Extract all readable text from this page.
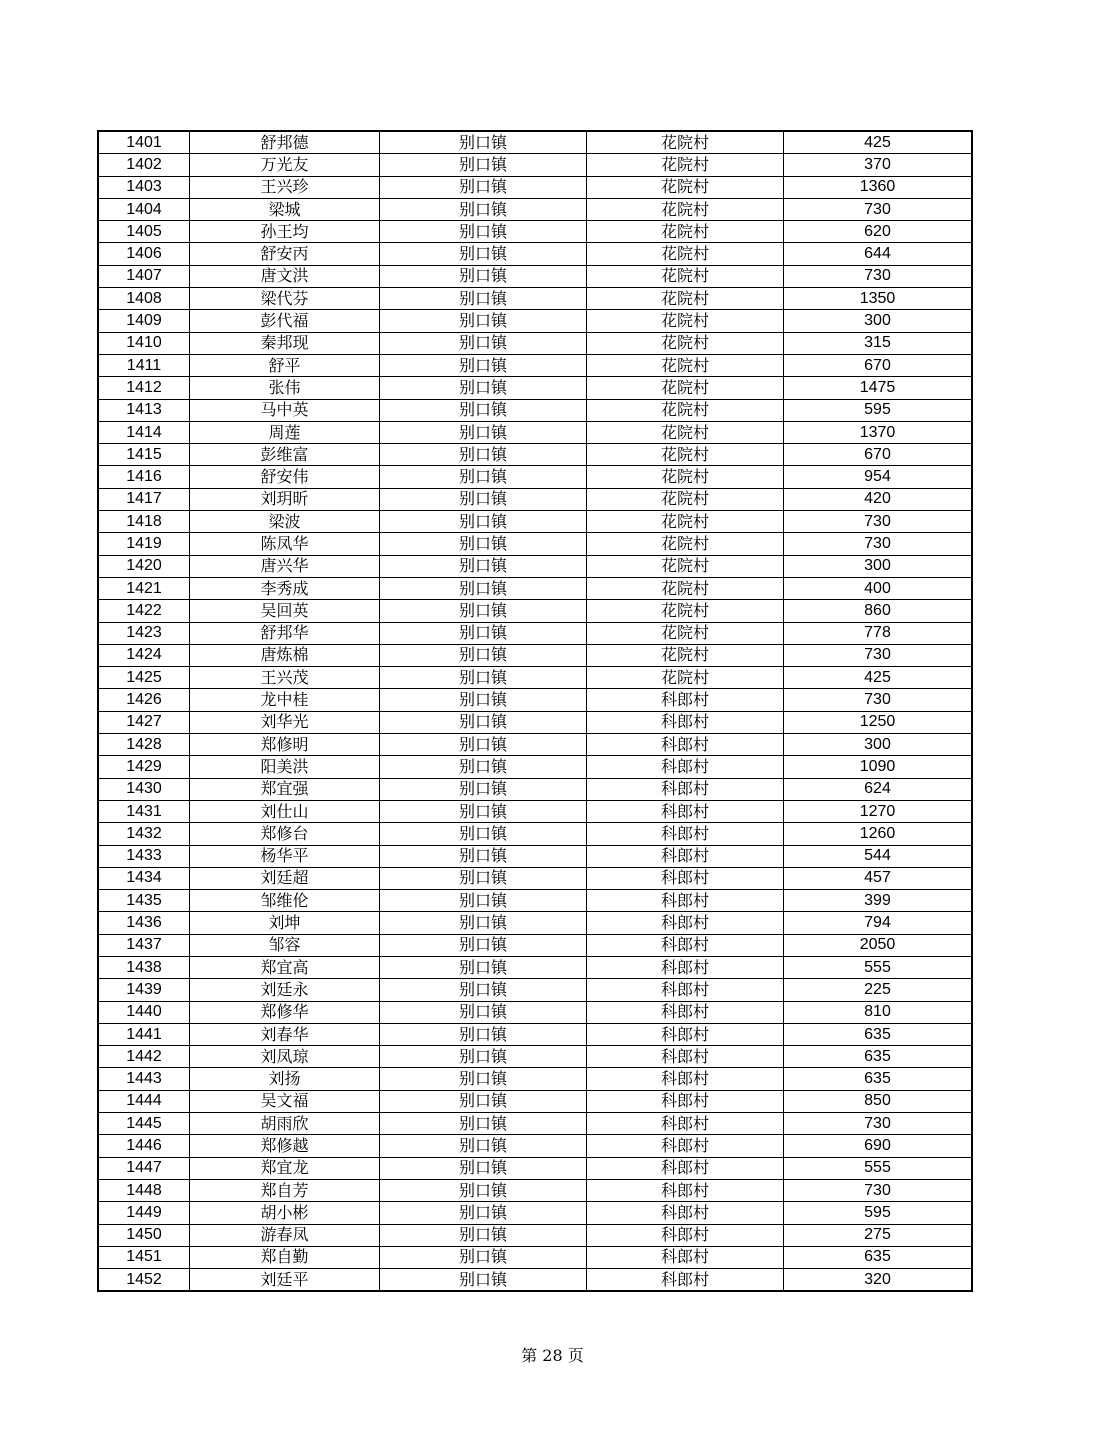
1401	舒邦德	别口镇	花院村	425
1402	万光友	别口镇	花院村	370
1403	王兴珍	别口镇	花院村	1360
1404	梁城	别口镇	花院村	730
1405	孙王均	别口镇	花院村	620
1406	舒安丙	别口镇	花院村	644
1407	唐文洪	别口镇	花院村	730
1408	梁代芬	别口镇	花院村	1350
1409	彭代福	别口镇	花院村	300
1410	秦邦现	别口镇	花院村	315
1411	舒平	别口镇	花院村	670
1412	张伟	别口镇	花院村	1475
1413	马中英	别口镇	花院村	595
1414	周莲	别口镇	花院村	1370
1415	彭维富	别口镇	花院村	670
1416	舒安伟	别口镇	花院村	954
1417	刘玥昕	别口镇	花院村	420
1418	梁波	别口镇	花院村	730
1419	陈凤华	别口镇	花院村	730
1420	唐兴华	别口镇	花院村	300
1421	李秀成	别口镇	花院村	400
1422	吴回英	别口镇	花院村	860
1423	舒邦华	别口镇	花院村	778
1424	唐炼棉	别口镇	花院村	730
1425	王兴茂	别口镇	花院村	425
1426	龙中桂	别口镇	科郎村	730
1427	刘华光	别口镇	科郎村	1250
1428	郑修明	别口镇	科郎村	300
1429	阳美洪	别口镇	科郎村	1090
1430	郑宜强	别口镇	科郎村	624
1431	刘仕山	别口镇	科郎村	1270
1432	郑修台	别口镇	科郎村	1260
1433	杨华平	别口镇	科郎村	544
1434	刘廷超	别口镇	科郎村	457
1435	邹维伦	别口镇	科郎村	399
1436	刘坤	别口镇	科郎村	794
1437	邹容	别口镇	科郎村	2050
1438	郑宜高	别口镇	科郎村	555
1439	刘廷永	别口镇	科郎村	225
1440	郑修华	别口镇	科郎村	810
1441	刘春华	别口镇	科郎村	635
1442	刘凤琼	别口镇	科郎村	635
1443	刘扬	别口镇	科郎村	635
1444	吴文福	别口镇	科郎村	850
1445	胡雨欣	别口镇	科郎村	730
1446	郑修越	别口镇	科郎村	690
1447	郑宜龙	别口镇	科郎村	555
1448	郑自芳	别口镇	科郎村	730
1449	胡小彬	别口镇	科郎村	595
1450	游春凤	别口镇	科郎村	275
1451	郑自勤	别口镇	科郎村	635
1452	刘廷平	别口镇	科郎村	320
第 28 页
